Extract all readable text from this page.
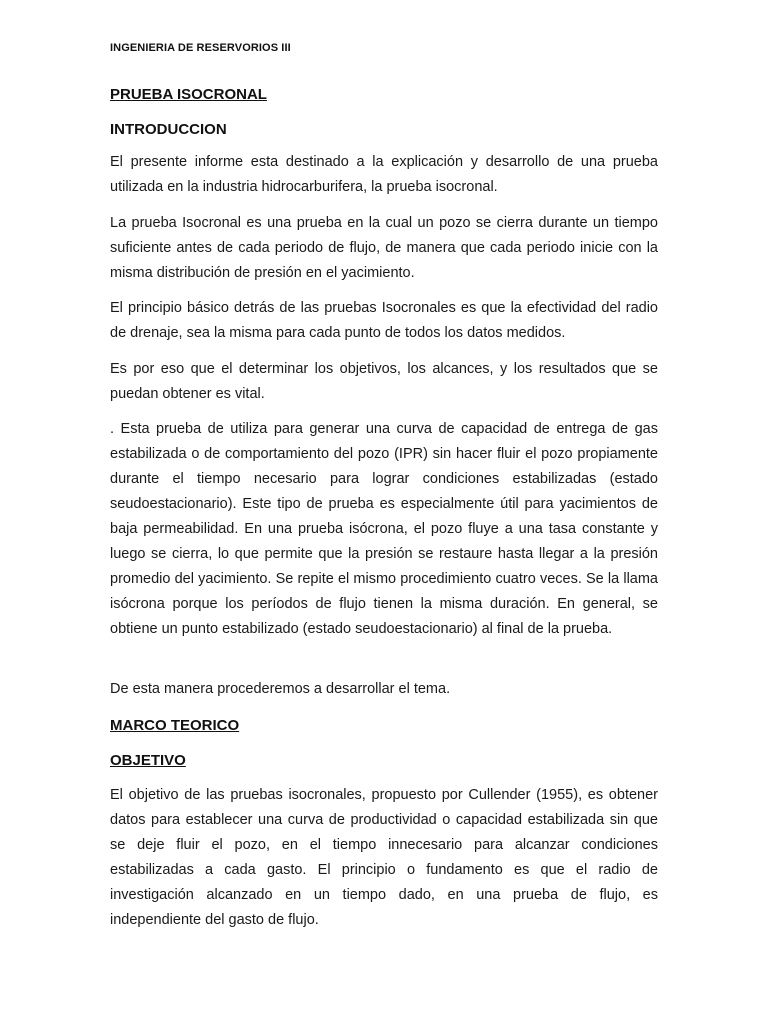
INGENIERIA DE RESERVORIOS III
PRUEBA ISOCRONAL
INTRODUCCION
El presente informe esta destinado a la explicación y desarrollo de una prueba utilizada en la industria hidrocarburifera, la prueba isocronal.
La prueba Isocronal es una prueba en la cual un pozo se cierra durante un tiempo suficiente antes de cada periodo de flujo, de manera que cada periodo inicie con la misma distribución de presión en el yacimiento.
El principio básico detrás de las pruebas Isocronales es que la efectividad del radio de drenaje, sea la misma para cada punto de todos los datos medidos.
Es por eso que el determinar los objetivos, los alcances, y los resultados que se puedan obtener es vital.
. Esta prueba de utiliza para generar una curva de capacidad de entrega de gas estabilizada o de comportamiento del pozo (IPR) sin hacer fluir el pozo propiamente durante el tiempo necesario para lograr condiciones estabilizadas (estado seudoestacionario). Este tipo de prueba es especialmente útil para yacimientos de baja permeabilidad. En una prueba isócrona, el pozo fluye a una tasa constante y luego se cierra, lo que permite que la presión se restaure hasta llegar a la presión promedio del yacimiento. Se repite el mismo procedimiento cuatro veces. Se la llama isócrona porque los períodos de flujo tienen la misma duración. En general, se obtiene un punto estabilizado (estado seudoestacionario) al final de la prueba.
De esta manera procederemos a desarrollar el tema.
MARCO TEORICO
OBJETIVO
El objetivo de las pruebas isocronales, propuesto por Cullender (1955), es obtener datos para establecer una curva de productividad o capacidad estabilizada sin que se deje fluir el pozo, en el tiempo innecesario para alcanzar condiciones estabilizadas a cada gasto. El principio o fundamento es que el radio de investigación alcanzado en un tiempo dado, en una prueba de flujo, es independiente del gasto de flujo.
